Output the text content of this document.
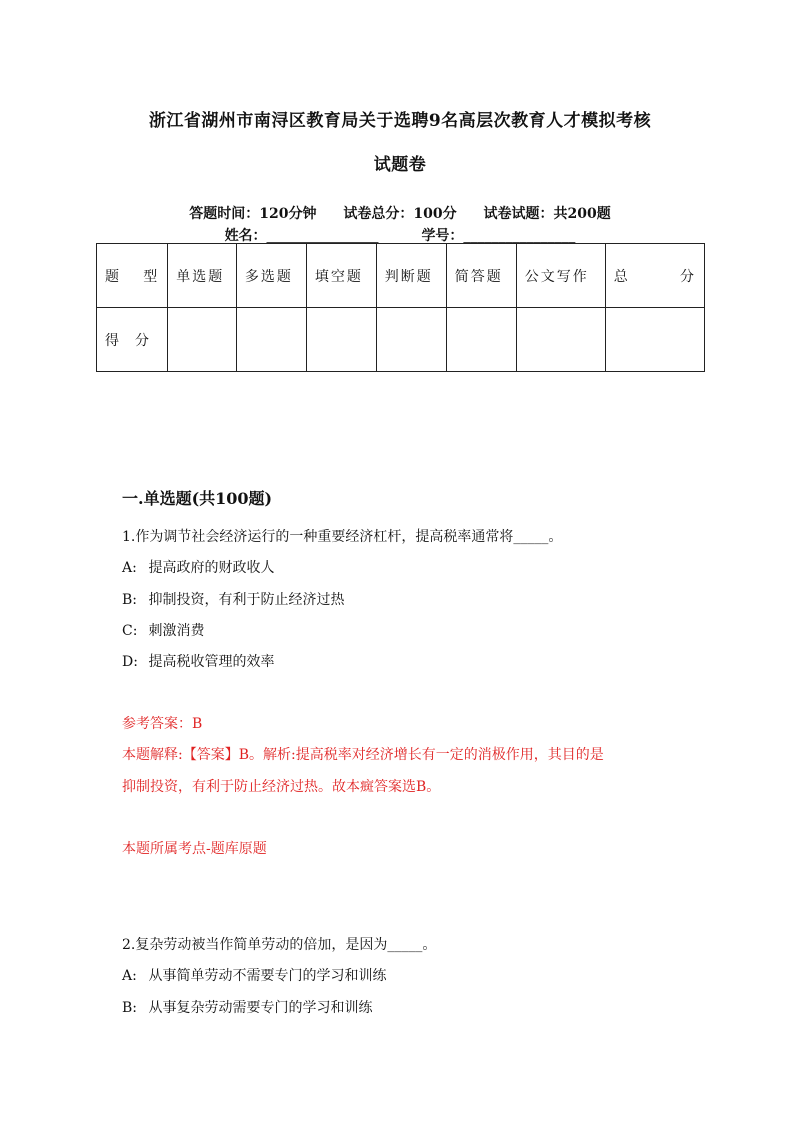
浙江省湖州市南浔区教育局关于选聘9名高层次教育人才模拟考核
试题卷
答题时间：120分钟 试卷总分：100分 试卷试题：共200题
姓名：________________	学号：________________
题 型	单选题	多选题	填空题	判断题	简答题	公文写作	总 分

得 分							

一.单选题(共100题)
1.作为调节社会经济运行的一种重要经济杠杆，提高税率通常将_____。
A: 提高政府的财政收人
B: 抑制投资，有利于防止经济过热
C: 刺激消费
D: 提高税收管理的效率
参考答案：B
本题解释:【答案】B。解析:提高税率对经济增长有一定的消极作用，其目的是
抑制投资，有利于防止经济过热。故本癍答案选B。
本题所属考点-题库原题
2.复杂劳动被当作简单劳动的倍加，是因为_____。
A: 从事简单劳动不需要专门的学习和训练
B: 从事复杂劳动需要专门的学习和训练
